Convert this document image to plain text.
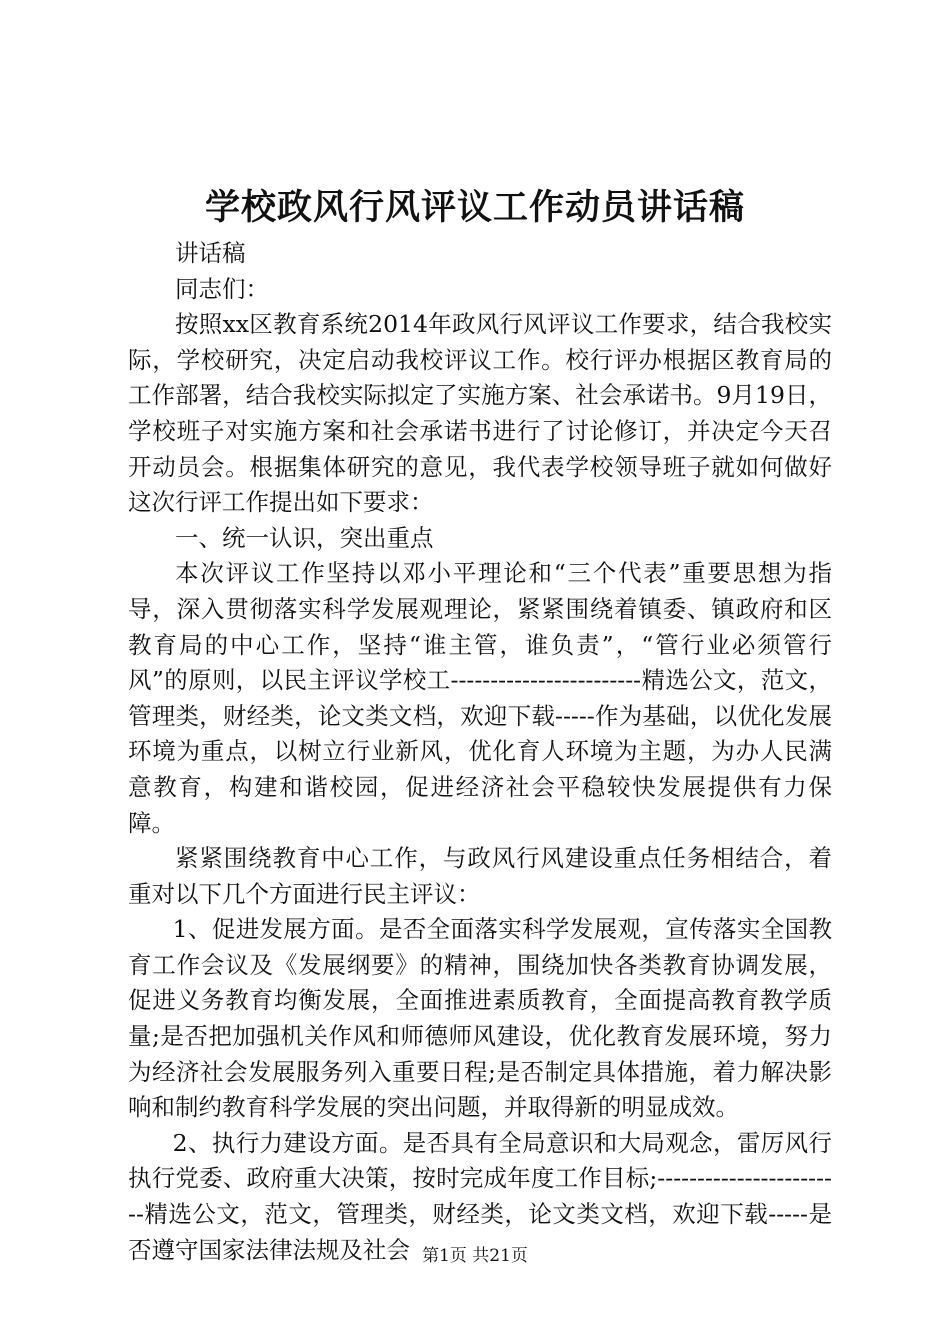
学校政风行风评议工作动员讲话稿

讲话稿

同志们：

按照xx区教育系统2014年政风行风评议工作要求，结合我校实际，学校研究，决定启动我校评议工作。校行评办根据区教育局的工作部署，结合我校实际拟定了实施方案、社会承诺书。9月19日，学校班子对实施方案和社会承诺书进行了讨论修订，并决定今天召开动员会。根据集体研究的意见，我代表学校领导班子就如何做好这次行评工作提出如下要求：

一、统一认识，突出重点

本次评议工作坚持以邓小平理论和“三个代表”重要思想为指导，深入贯彻落实科学发展观理论，紧紧围绕着镇委、镇政府和区教育局的中心工作，坚持“谁主管，谁负责”，“管行业必须管行风”的原则，以民主评议学校工------------------------精选公文，范文，管理类，财经类，论文类文档，欢迎下载-----作为基础，以优化发展环境为重点，以树立行业新风，优化育人环境为主题，为办人民满意教育，构建和谐校园，促进经济社会平稳较快发展提供有力保障。

紧紧围绕教育中心工作，与政风行风建设重点任务相结合，着重对以下几个方面进行民主评议：

1、促进发展方面。是否全面落实科学发展观，宣传落实全国教育工作会议及《发展纲要》的精神，围绕加快各类教育协调发展，促进义务教育均衡发展，全面推进素质教育，全面提高教育教学质量;是否把加强机关作风和师德师风建设，优化教育发展环境，努力为经济社会发展服务列入重要日程;是否制定具体措施，着力解决影响和制约教育科学发展的突出问题，并取得新的明显成效。

2、执行力建设方面。是否具有全局意识和大局观念，雷厉风行执行党委、政府重大决策，按时完成年度工作目标;------------------------精选公文，范文，管理类，财经类，论文类文档，欢迎下载-----是否遵守国家法律法规及社会 第1页 共21页
